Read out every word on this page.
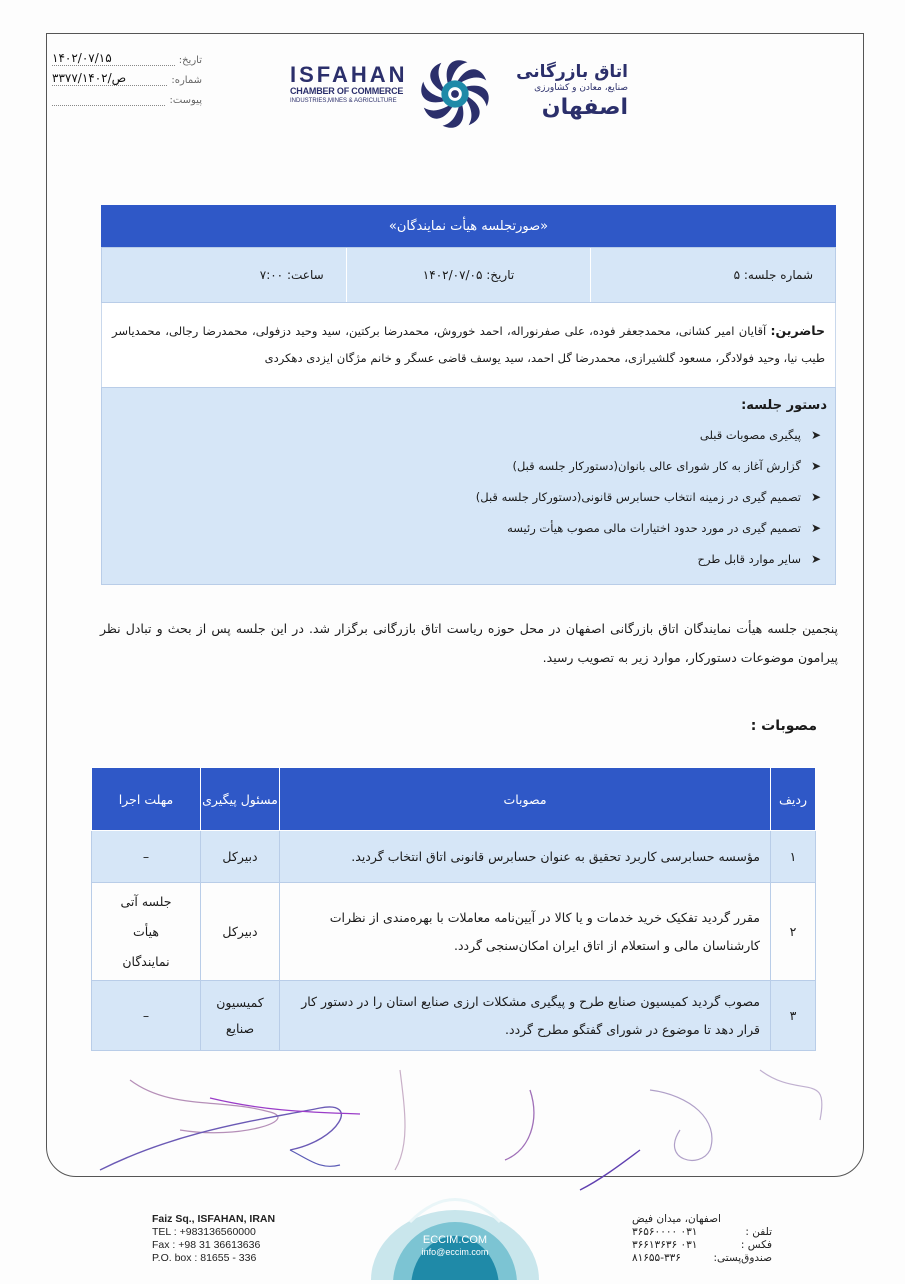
تاریخ:
۱۴۰۲/۰۷/۱۵
شماره:
۳۳۷۷/ص/۱۴۰۲
پیوست:
ISFAHAN
CHAMBER OF COMMERCE
INDUSTRIES,MINES & AGRICULTURE
اتاق بازرگانی
صنایع، معادن و کشاورزی
اصفهان
«صورتجلسه هیأت نمایندگان»
شماره جلسه: ۵
تاریخ: ۱۴۰۲/۰۷/۰۵
ساعت: ۷:۰۰
حاضرین: آقایان امیر کشانی، محمدجعفر فوده، علی صفرنوراله، احمد خوروش، محمدرضا برکتین، سید وحید دزفولی، محمدرضا رجالی، محمدیاسر طیب نیا، وحید فولادگر، مسعود گلشیرازی، محمدرضا گل احمد، سید یوسف قاضی عسگر و خانم مژگان ایزدی دهکردی
دستور جلسه:
➤
پیگیری مصوبات قبلی
➤
گزارش آغاز به کار شورای عالی بانوان(دستورکار جلسه قبل)
➤
تصمیم گیری در زمینه انتخاب حسابرس قانونی(دستورکار جلسه قبل)
➤
تصمیم گیری در مورد حدود اختیارات مالی مصوب هیأت رئیسه
➤
سایر موارد قابل طرح
پنجمین جلسه هیأت نمایندگان اتاق بازرگانی اصفهان در محل حوزه ریاست اتاق بازرگانی برگزار شد. در این جلسه پس از بحث و تبادل نظر پیرامون موضوعات دستورکار، موارد زیر به تصویب رسید.
مصوبات :
ردیف	مصوبات	مسئول پیگیری	مهلت اجرا
۱	مؤسسه حسابرسی کاربرد تحقیق به عنوان حسابرس قانونی اتاق انتخاب گردید.	دبیرکل	–
۲	مقرر گردید تفکیک خرید خدمات و یا کالا در آیین‌نامه معاملات با بهره‌مندی از نظرات کارشناسان مالی و استعلام از اتاق ایران امکان‌سنجی گردد.	دبیرکل	جلسه آتی هیأت نمایندگان
۳	مصوب گردید کمیسیون صنایع طرح و پیگیری مشکلات ارزی صنایع استان را در دستور کار قرار دهد تا موضوع در شورای گفتگو مطرح گردد.	کمیسیون صنایع	–
Faiz Sq., ISFAHAN, IRAN
TEL : +983136560000
Fax : +98 31 36613636
P.O. box : 81655 - 336
ECCIM.COM
info@eccim.com
اصفهان، میدان فیض
تلفن :
۰۳۱ ۳۶۵۶۰۰۰۰
فکس :
۰۳۱ ۳۶۶۱۳۶۳۶
صندوق‌پستی:
۸۱۶۵۵-۳۳۶
